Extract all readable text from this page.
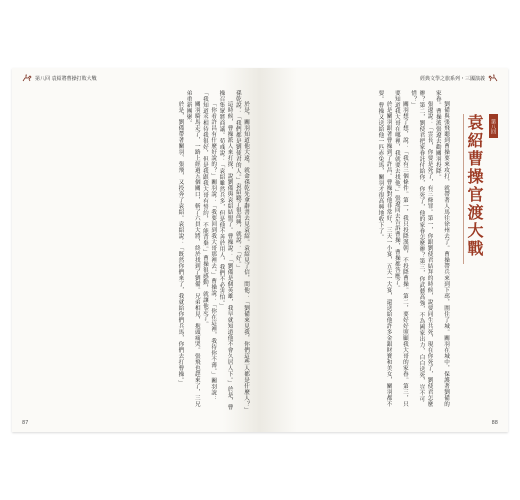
第八回 袁紹將曹操打敗大戰

於是，關羽知道他大遠，就命孫乾先拿辭書去見袁紹。袁紹見了信，問他：「劉備來見我，你們這些人都是什麼人？」孫乾說：「我們都是劉使君的人。」袁紹聽了很高興，就說：「好。」

這時候，曹操派人來打探，說劉備與袁紹結盟了。曹操說：「劉備是個英雄，我早就知道他不會久居人下。」於是，曹操召集眾將商議。荀彧說：「袁紹雖然兵多，但是他不善於用人，我們不必害怕。」

「你看許昌有什麼好說的？」關羽說：「我要回到我大哥那裡去。」曹操說：「你在這裡，我待你不薄。」關羽說：「我知道丞相待我很好，但是我跟我大哥有誓約，不能背棄。」曹操很感動，就讓他走了。

關羽騎馬走了，一路上經過五個關口，斬了六員大將，終於找到了劉備。兄弟相見，抱頭痛哭。張飛也趕來了，三兄弟重新團聚。

於是，劉備帶著關羽、張飛，又投奔了袁紹。袁紹說：「既然你們來了，我就給你們兵馬，你們去打曹操。」

87
經典文學之旅系列・三國演義
第八回
袁紹曹操官渡大戰

劉備與張飛聽到曹操要來攻打，就帶著人馬往徐州去了。曹操帶兵來到下邳，圍住了城。關羽在城中，保護著劉備的家眷。曹操派張遼去勸關羽投降。

張遼說：「雲長，你要是死了，有三條罪。第一，你跟劉使君結拜的時候，說要同生共死，現在你死了，劉使君怎麼辦？第二，劉使君把家眷託付給你，你死了，他的家眷怎麼辦？第三，你武藝高強，不為國家出力，白白送死，豈不可惜？」

關羽想了想，說：「我有三個條件。第一，我只投降漢朝，不投降曹操。第二，要好好照顧我大哥的家眷。第三，只要知道我大哥在哪裡，我就要去找他。」張遼回去告訴曹操，曹操都答應了。

於是關羽跟著曹操到了許昌。曹操對他非常好，三天一小宴，五天一大宴，還送給他許多金銀財寶和美女，關羽都不要。曹操又送給他一匹赤兔馬，關羽才很高興地收下了。

88
